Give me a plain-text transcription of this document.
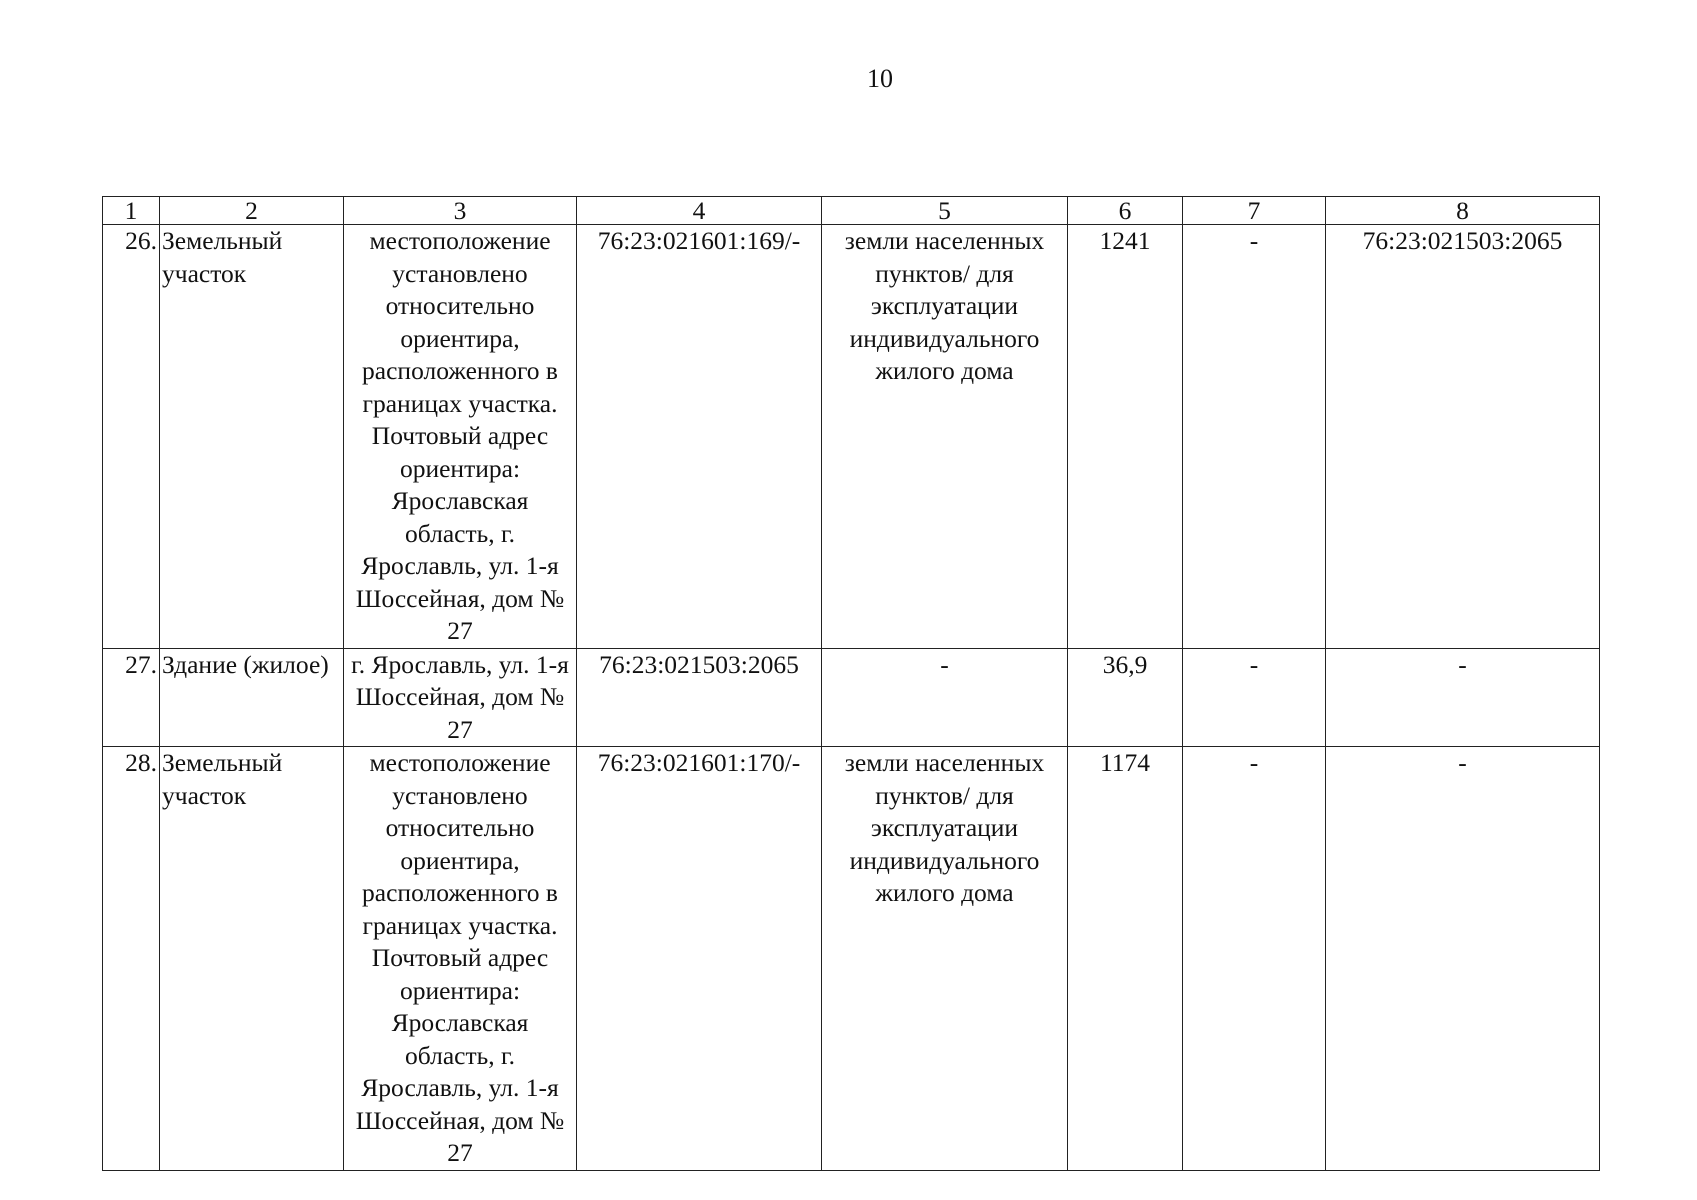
10
1	2	3	4	5	6	7	8
26.	Земельный участок	местоположение установлено относительно ориентира, расположенного в границах участка. Почтовый адрес ориентира: Ярославская область, г. Ярославль, ул. 1-я Шоссейная, дом № 27	76:23:021601:169/-	земли населенных пунктов/ для эксплуатации индивидуального жилого дома	1241	-	76:23:021503:2065
27.	Здание (жилое)	г. Ярославль, ул. 1-я Шоссейная, дом № 27	76:23:021503:2065	-	36,9	-	-
28.	Земельный участок	местоположение установлено относительно ориентира, расположенного в границах участка. Почтовый адрес ориентира: Ярославская область, г. Ярославль, ул. 1-я Шоссейная, дом № 27	76:23:021601:170/-	земли населенных пунктов/ для эксплуатации индивидуального жилого дома	1174	-	-
